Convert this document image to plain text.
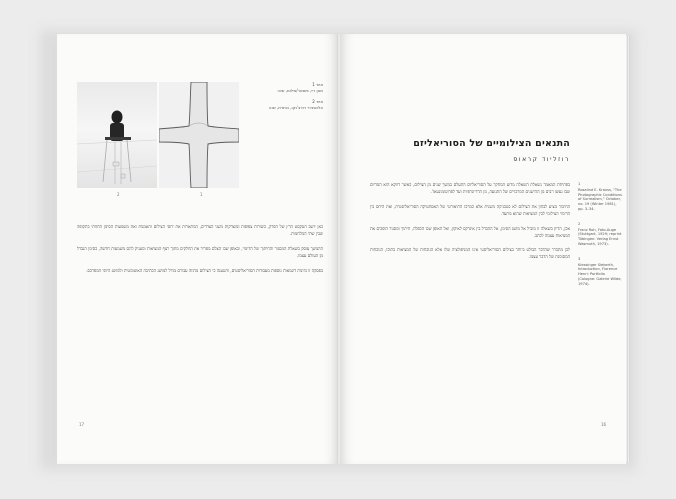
2	1
איור 1
מאן ריי, פוסטר/צילום, שנה
איור 2
אלכסנדר רודצ'נקו, כותרת, שנה

כאן יושב הטקסט הרץ של הפרק, בשורות צפופות ומוצדקות משני הצדדים, המתארות את יחסי הצילום והאמנות ואת משמעות הסימן החזותי בתקופה שבין שתי המלחמות.

ההמשך עוסק בשאלת המסגור והחיתוך של הדימוי, ובאופן שבו הצלם מפריד את החלקים מתוך רצף המציאות ומעניק להם משמעות חדשה, כסימן הנבדל מן העולם עצמו.

בפסקה זו נדונות דוגמאות נוספות מעבודות הסוריאליסטים, והטענה כי הצילום מהווה עבורם מודל למושג הכתיבה האוטומטית ולמושג היופי המפרכס.

17
התנאים הצילומיים של הסוריאליזם
רוזליוד קראוס

בפתיחת המאמר נשאלת השאלה מדוע המחקר על הסוריאליזם התעלם במשך שנים מן הצילום, כאשר דווקא הוא המדיום שבו נעשו רבים מן ההישגים המרכזיים של התנועה, מן הרדיוגרפיות ועד לפרוטומונטאז'.

החיבור מציע לבחון את הצילום לא כטכניקה משנית אלא כמרכז התיאורטי של האסתטיקה הסוריאליסטית, ואת היחס בין הדימוי הצילומי לבין המציאות שהוא מתעד.

אכן, הדיון בשאלה זו מוביל אל מושג הסימן, אל ההבדל בין אינדקס לאיקון, ואל האופן שבו הכפלה, חיתוך ומסגור הופכים את המציאות עצמה לכתב.

לכן מתברר שהדבר הבולט ביותר בצילום הסוריאליסטי אינו המניפולציה שלו אלא הנוכחות של המציאות בתוכו, הנוכחות המסומנת של הדבר עצמו.

1
Rosalind E. Krauss, "The Photographic Conditions of Surrealism," October, no. 19 (Winter 1981), pp. 3–34.
2
Franz Roh, Foto-Auge (Stuttgart, 1929; reprint Tübingen: Verlag Ernst Wasmuth, 1973).
3
Kiessinger Sieberth, Introduction, Florence Henri: Portfolio (Cologne: Galerie Wilde, 1974).
16
